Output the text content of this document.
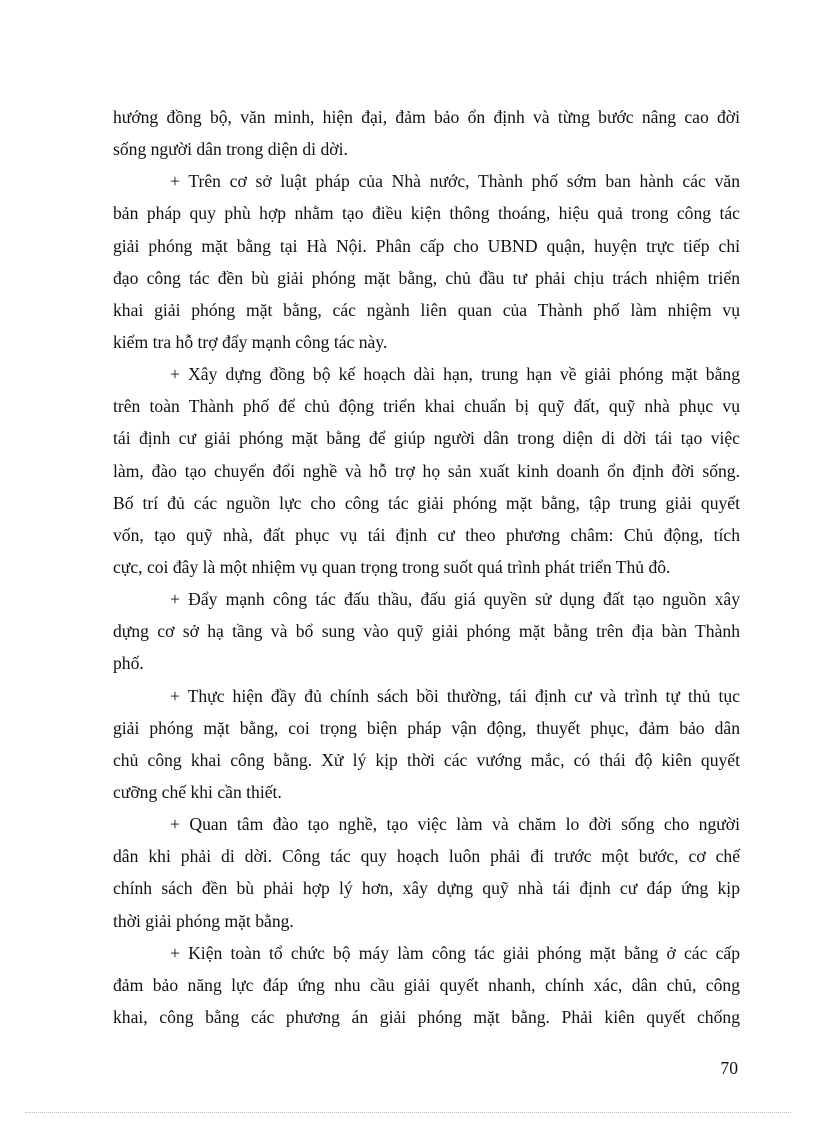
hướng đồng bộ, văn minh, hiện đại, đảm bảo ổn định và từng bước nâng cao đời
sống người dân trong diện di dời.
+ Trên cơ sở luật pháp của Nhà nước, Thành phố sớm ban hành các văn
bản pháp quy phù hợp nhằm tạo điều kiện thông thoáng, hiệu quả trong công tác
giải phóng mặt bằng tại Hà Nội. Phân cấp cho UBND quận, huyện trực tiếp chỉ
đạo công tác đền bù giải phóng mặt bằng, chủ đầu tư phải chịu trách nhiệm triển
khai giải phóng mặt bằng, các ngành liên quan của Thành phố làm nhiệm vụ
kiểm tra hỗ trợ đẩy mạnh công tác này.
+ Xây dựng đồng bộ kế hoạch dài hạn, trung hạn về giải phóng mặt bằng
trên toàn Thành phố để chủ động triển khai chuẩn bị quỹ đất, quỹ nhà phục vụ
tái định cư giải phóng mặt bằng để giúp người dân trong diện di dời tái tạo việc
làm, đào tạo chuyển đổi nghề và hỗ trợ họ sản xuất kinh doanh ổn định đời sống.
Bố trí đủ các nguồn lực cho công tác giải phóng mặt bằng, tập trung giải quyết
vốn, tạo quỹ nhà, đất phục vụ tái định cư theo phương châm: Chủ động, tích
cực, coi đây là một nhiệm vụ quan trọng trong suốt quá trình phát triển Thủ đô.
+ Đẩy mạnh công tác đấu thầu, đấu giá quyền sử dụng đất tạo nguồn xây
dựng cơ sở hạ tầng và bổ sung vào quỹ giải phóng mặt bằng trên địa bàn Thành
phố.
+ Thực hiện đầy đủ chính sách bồi thường, tái định cư và trình tự thủ tục
giải phóng mặt bằng, coi trọng biện pháp vận động, thuyết phục, đảm bảo dân
chủ công khai công bằng. Xử lý kịp thời các vướng mắc, có thái độ kiên quyết
cưỡng chế khi cần thiết.
+ Quan tâm đào tạo nghề, tạo việc làm và chăm lo đời sống cho người
dân khi phải di dời. Công tác quy hoạch luôn phải đi trước một bước, cơ chế
chính sách đền bù phải hợp lý hơn, xây dựng quỹ nhà tái định cư đáp ứng kịp
thời giải phóng mặt bằng.
+ Kiện toàn tổ chức bộ máy làm công tác giải phóng mặt bằng ở các cấp
đảm bảo năng lực đáp ứng nhu cầu giải quyết nhanh, chính xác, dân chủ, công
khai, công bằng các phương án giải phóng mặt bằng. Phải kiên quyết chống
70
